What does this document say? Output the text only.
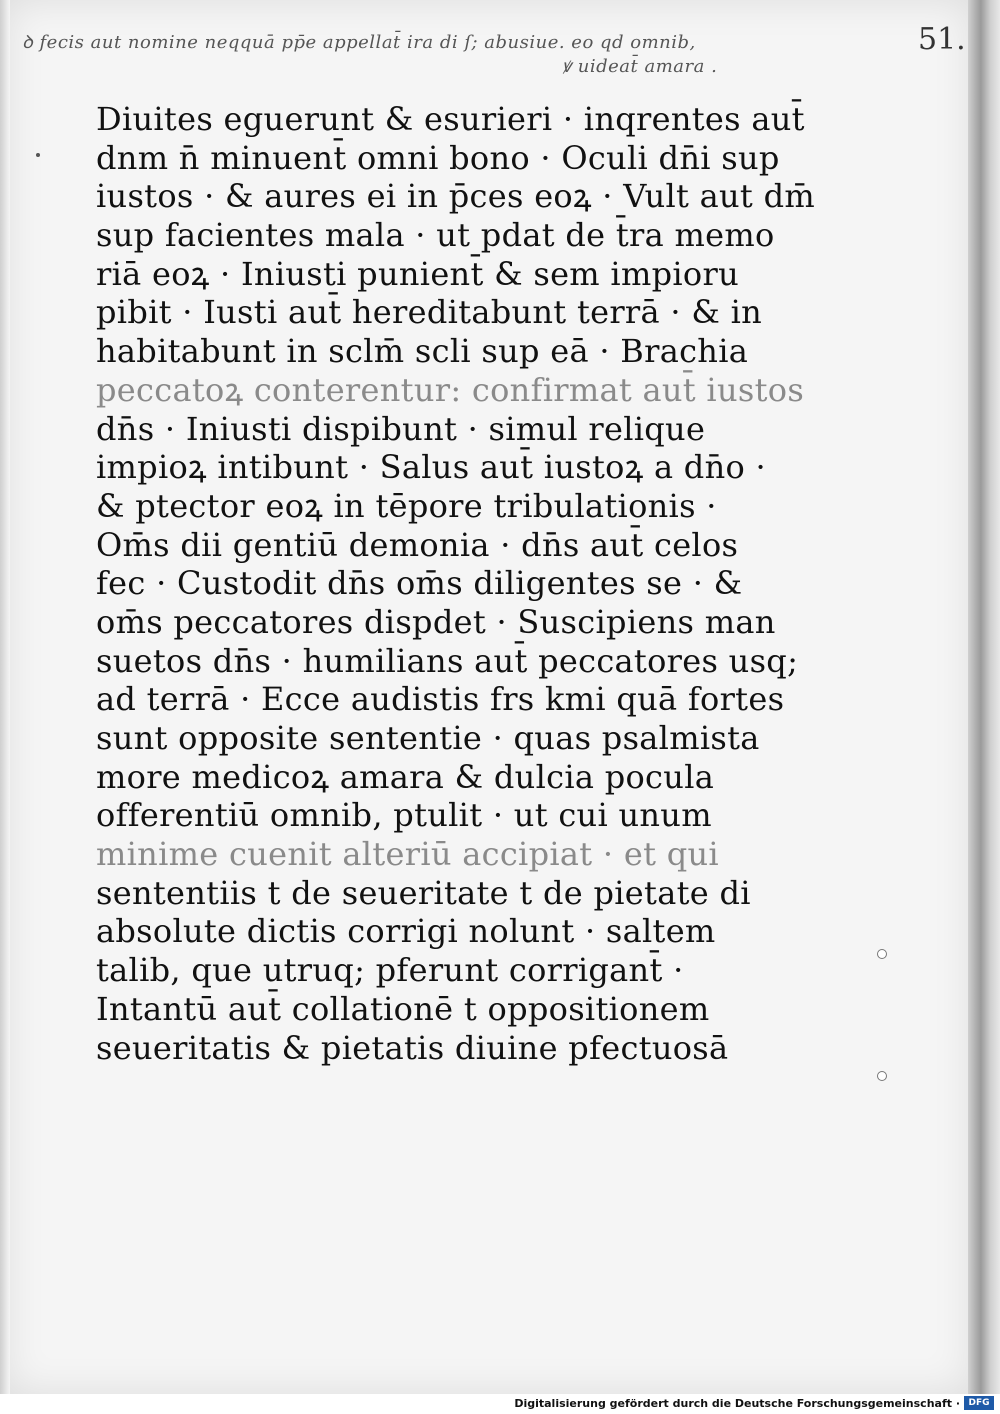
ꝺ fecis aut nomine neqquā pp̄e appellat̄ ira di ſ; abusiue. eo qd omnib,
ꝟ uideat̄ amara .
51.
Diuites eguerunt & esurieri · inqrentes aut̄
dnm n̄ minuent̄ omni bono · Oculi dn̄i sup
iustos · & aures ei in p̄ces eoꝝ · Vult aut dm̄
sup facientes mala · ut pdat de t̄ra memo
riā eoꝝ · Iniusti punient̄ & sem impioru
pibit · Iusti aut̄ hereditabunt terrā · & in
habitabunt in sclm̄ scli sup eā · Brachia
peccatoꝝ conterentur: confirmat aut̄ iustos
dn̄s · Iniusti dispibunt · simul relique
impioꝝ intibunt · Salus aut̄ iustoꝝ a dn̄o ·
& ptector eoꝝ in tēpore tribulationis ·
Om̄s dii gentiū demonia · dn̄s aut̄ celos
fec · Custodit dn̄s om̄s diligentes se · &
om̄s peccatores dispdet · Suscipiens man
suetos dn̄s · humilians aut̄ peccatores usq;
ad terrā · Ecce audistis frs kmi quā fortes
sunt opposite sententie · quas psalmista
more medicoꝝ amara & dulcia pocula
offerentiū omnib, ptulit · ut cui unum
minime cuenit alteriū accipiat · et qui
sententiis t de seueritate t de pietate di
absolute dictis corrigi nolunt · saltem
talib, que utruq; pferunt corrigant̄ ·
Intantū aut̄ collationē t oppositionem
seueritatis & pietatis diuine pfectuosā
Digitalisierung gefördert durch die Deutsche Forschungsgemeinschaft · DFG
